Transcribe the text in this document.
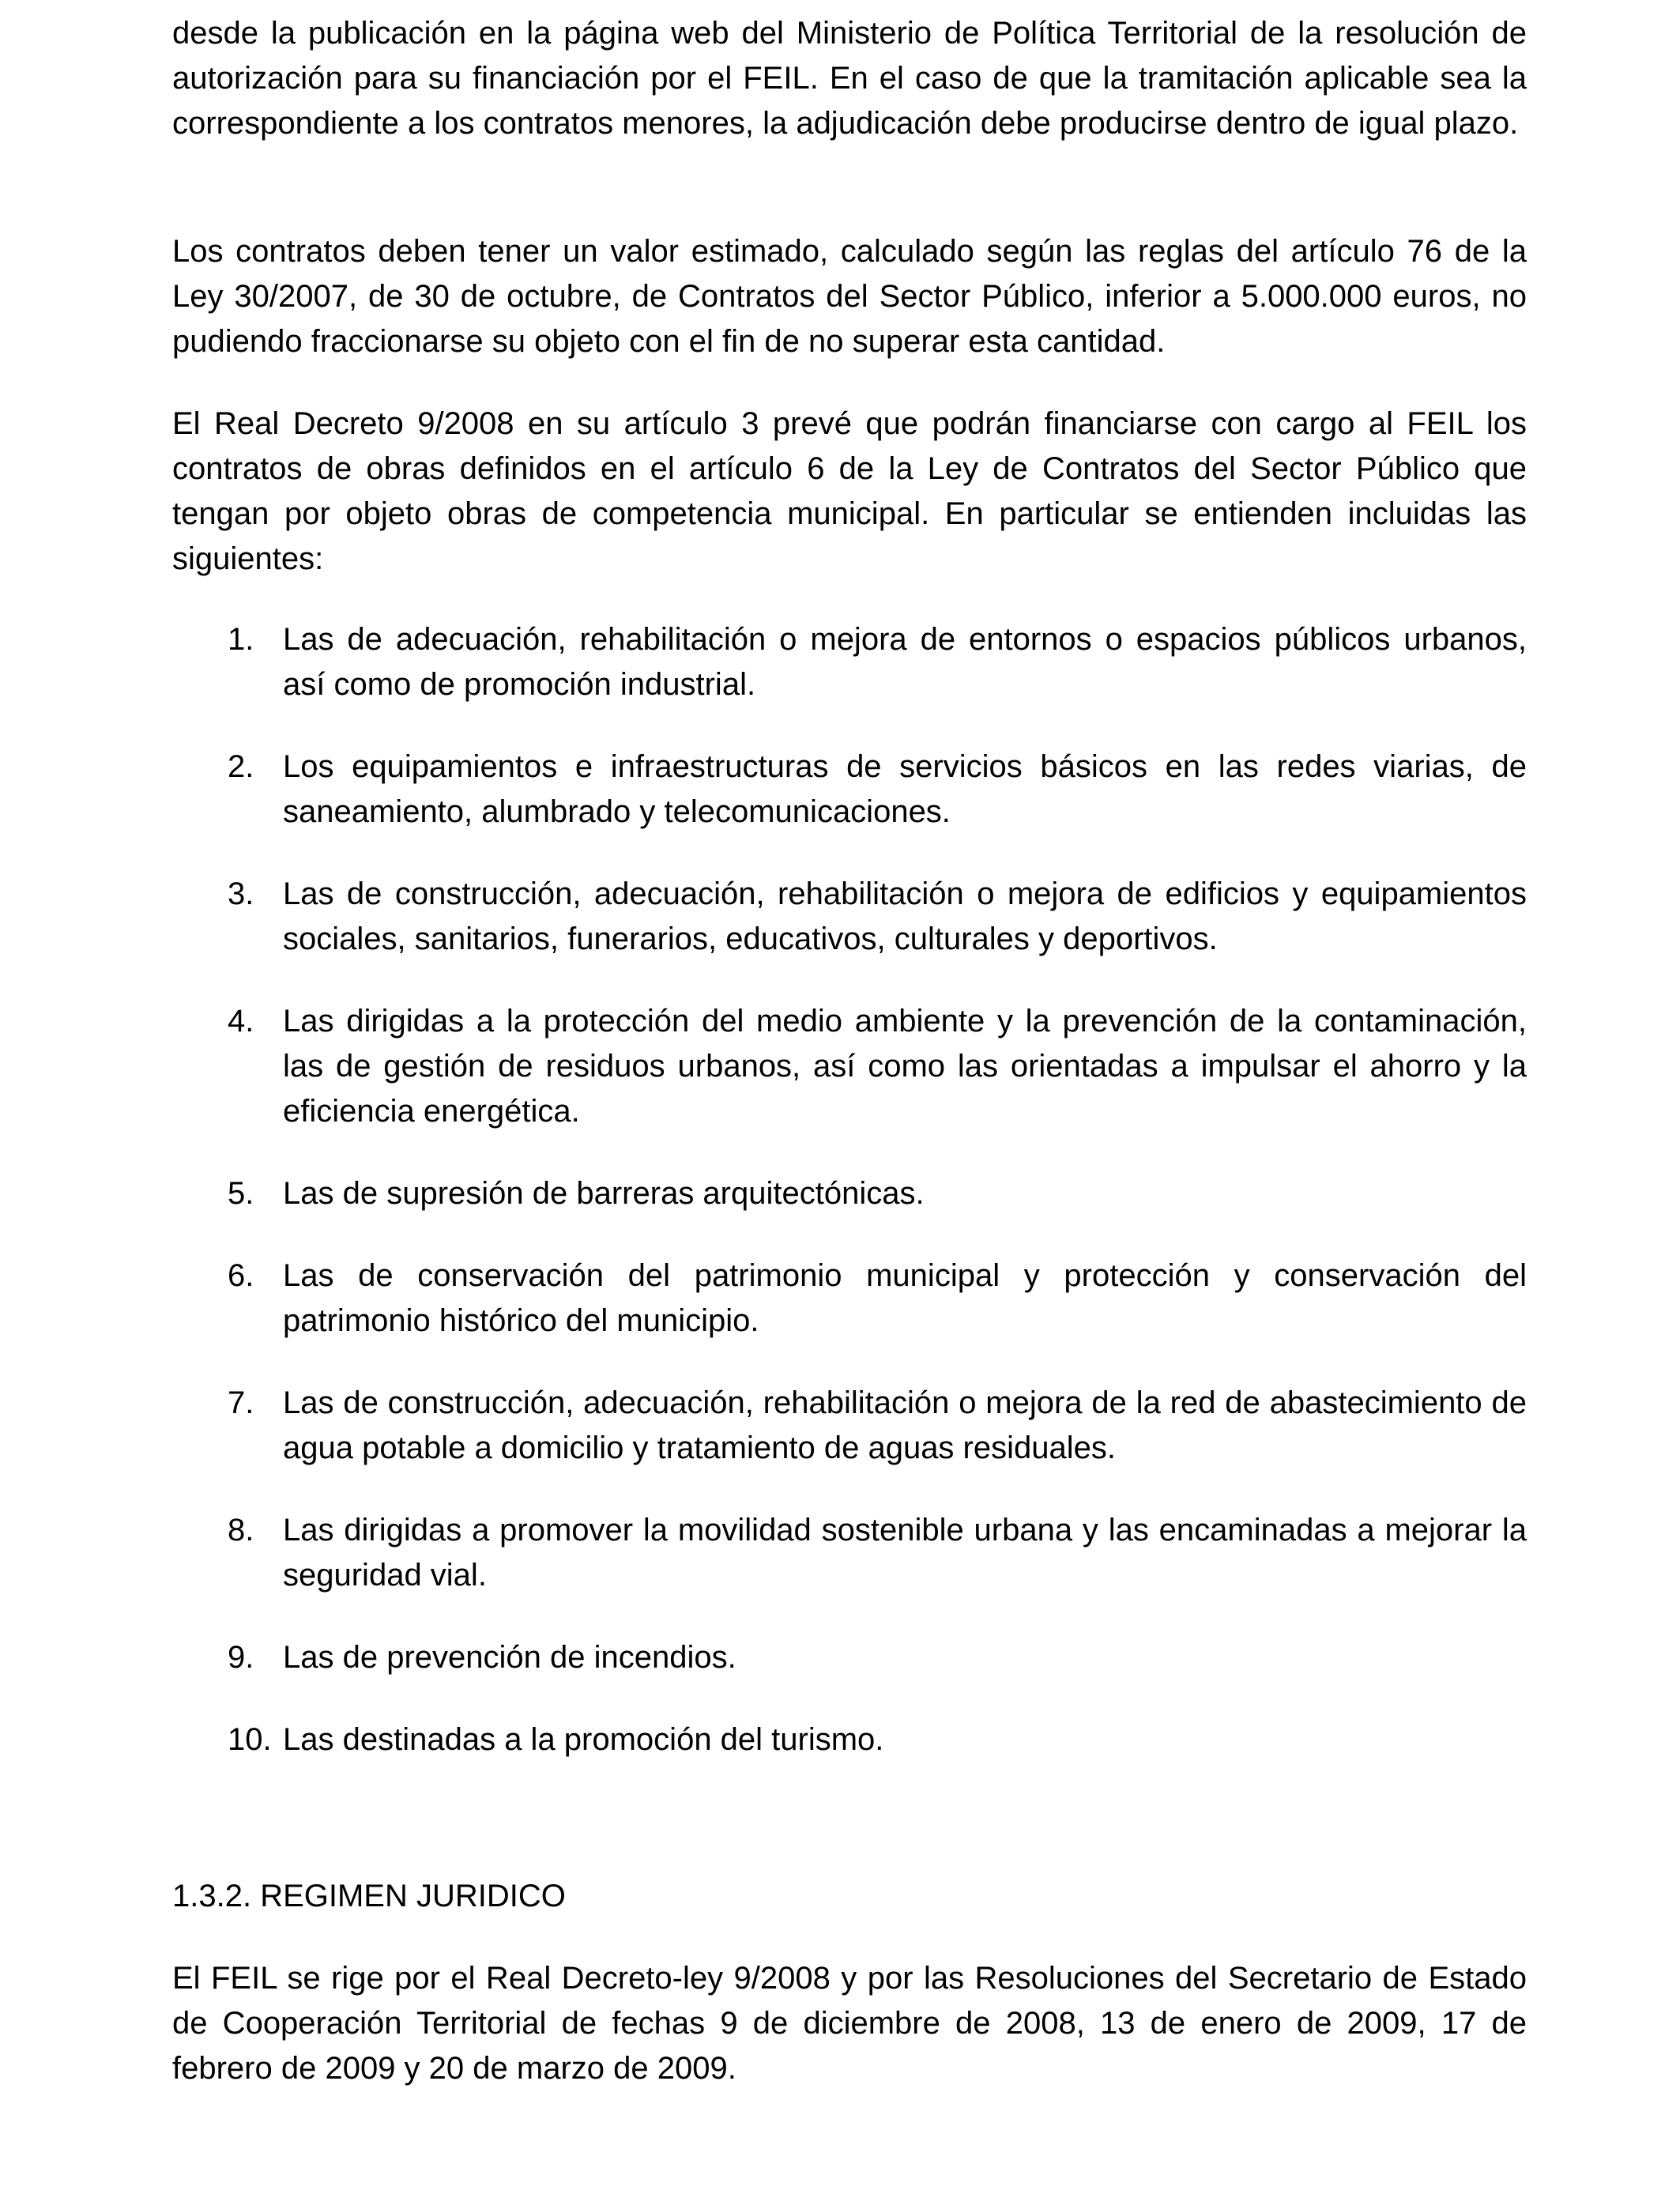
desde la publicación en la página web del Ministerio de Política Territorial de la resolución de autorización para su financiación por el FEIL. En el caso de que la tramitación aplicable sea la correspondiente a los contratos menores, la adjudicación debe producirse dentro de igual plazo.

Los contratos deben tener un valor estimado, calculado según las reglas del artículo 76 de la Ley 30/2007, de 30 de octubre, de Contratos del Sector Público, inferior a 5.000.000 euros, no pudiendo fraccionarse su objeto con el fin de no superar esta cantidad.

El Real Decreto 9/2008 en su artículo 3 prevé que podrán financiarse con cargo al FEIL los contratos de obras definidos en el artículo 6 de la Ley de Contratos del Sector Público que tengan por objeto obras de competencia municipal. En particular se entienden incluidas las siguientes:

1. Las de adecuación, rehabilitación o mejora de entornos o espacios públicos urbanos, así como de promoción industrial.
2. Los equipamientos e infraestructuras de servicios básicos en las redes viarias, de saneamiento, alumbrado y telecomunicaciones.
3. Las de construcción, adecuación, rehabilitación o mejora de edificios y equipamientos sociales, sanitarios, funerarios, educativos, culturales y deportivos.
4. Las dirigidas a la protección del medio ambiente y la prevención de la contaminación, las de gestión de residuos urbanos, así como las orientadas a impulsar el ahorro y la eficiencia energética.
5. Las de supresión de barreras arquitectónicas.
6. Las de conservación del patrimonio municipal y protección y conservación del patrimonio histórico del municipio.
7. Las de construcción, adecuación, rehabilitación o mejora de la red de abastecimiento de agua potable a domicilio y tratamiento de aguas residuales.
8. Las dirigidas a promover la movilidad sostenible urbana y las encaminadas a mejorar la seguridad vial.
9. Las de prevención de incendios.
10. Las destinadas a la promoción del turismo.
1.3.2. REGIMEN JURIDICO

El FEIL se rige por el Real Decreto-ley 9/2008 y por las Resoluciones del Secretario de Estado de Cooperación Territorial de fechas 9 de diciembre de 2008, 13 de enero de 2009, 17 de febrero de 2009 y 20 de marzo de 2009.
